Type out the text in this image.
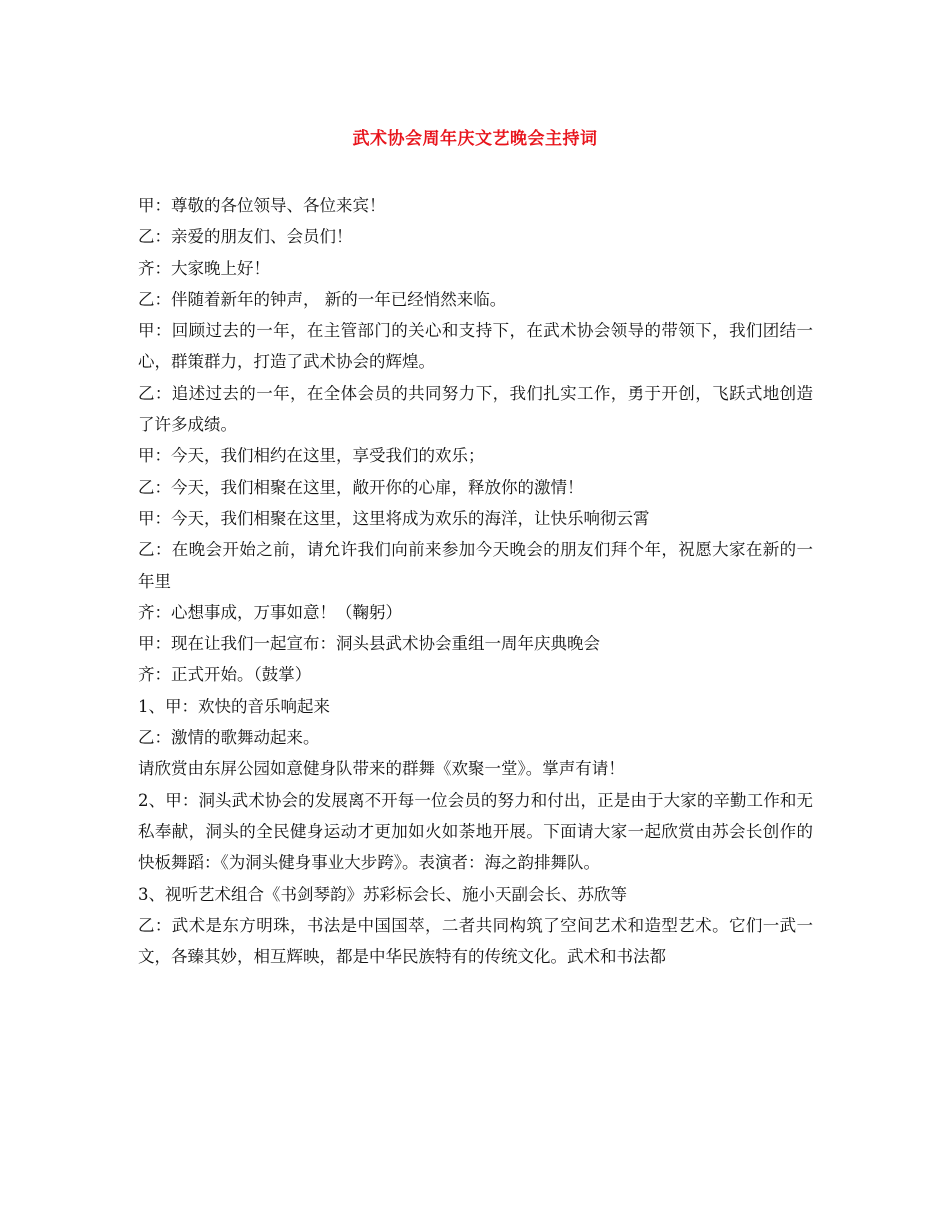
武术协会周年庆文艺晚会主持词

甲：尊敬的各位领导、各位来宾！

乙：亲爱的朋友们、会员们！

齐：大家晚上好！

乙：伴随着新年的钟声， 新的一年已经悄然来临。

甲：回顾过去的一年，在主管部门的关心和支持下，在武术协会领导的带领下，我们团结一心，群策群力，打造了武术协会的辉煌。

乙：追述过去的一年，在全体会员的共同努力下，我们扎实工作，勇于开创，飞跃式地创造了许多成绩。

甲：今天，我们相约在这里，享受我们的欢乐；

乙：今天，我们相聚在这里，敞开你的心扉，释放你的激情！

甲：今天，我们相聚在这里，这里将成为欢乐的海洋，让快乐响彻云霄

乙：在晚会开始之前，请允许我们向前来参加今天晚会的朋友们拜个年，祝愿大家在新的一年里

齐：心想事成，万事如意！（鞠躬）

甲：现在让我们一起宣布：洞头县武术协会重组一周年庆典晚会

齐：正式开始。（鼓掌）

1、甲：欢快的音乐响起来

乙：激情的歌舞动起来。

请欣赏由东屏公园如意健身队带来的群舞《欢聚一堂》。掌声有请！

2、甲：洞头武术协会的发展离不开每一位会员的努力和付出，正是由于大家的辛勤工作和无私奉献，洞头的全民健身运动才更加如火如荼地开展。下面请大家一起欣赏由苏会长创作的快板舞蹈：《为洞头健身事业大步跨》。表演者：海之韵排舞队。

3、视听艺术组合《书剑琴韵》苏彩标会长、施小天副会长、苏欣等

乙：武术是东方明珠，书法是中国国萃，二者共同构筑了空间艺术和造型艺术。它们一武一文，各臻其妙，相互辉映，都是中华民族特有的传统文化。武术和书法都
